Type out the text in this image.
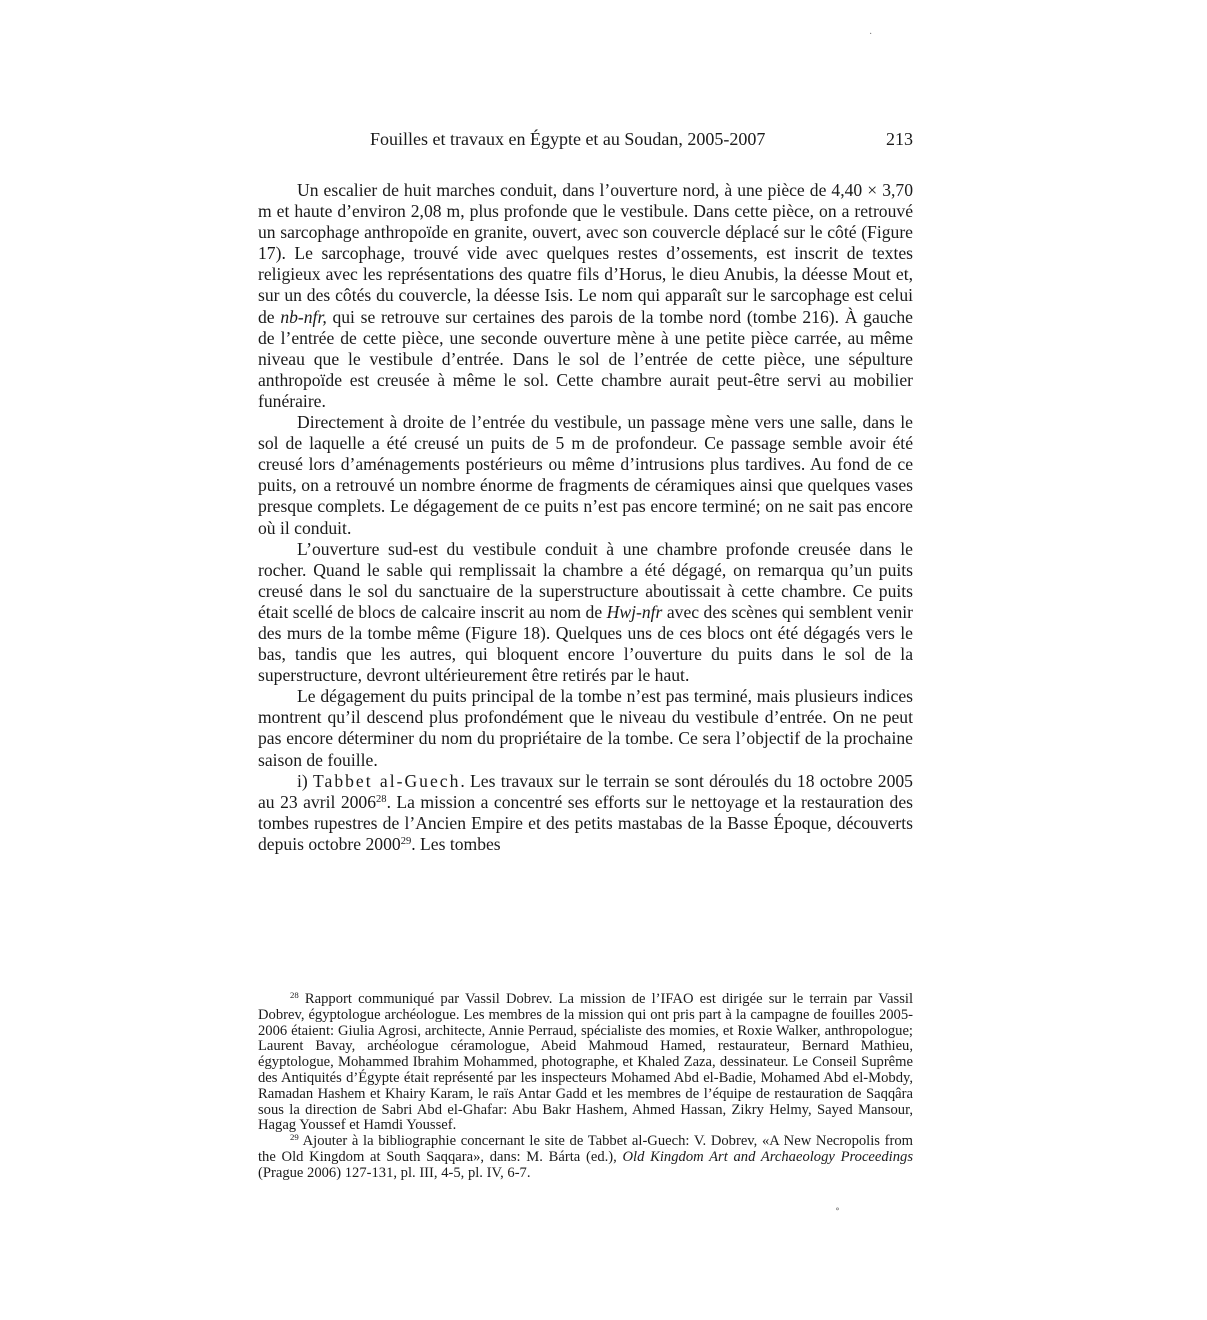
Fouilles et travaux en Égypte et au Soudan, 2005-2007	213

Un escalier de huit marches conduit, dans l’ouverture nord, à une pièce de 4,40 × 3,70 m et haute d’environ 2,08 m, plus profonde que le vestibule. Dans cette pièce, on a retrouvé un sarcophage anthropoïde en granite, ouvert, avec son couvercle déplacé sur le côté (Figure 17). Le sarcophage, trouvé vide avec quelques restes d’ossements, est inscrit de textes religieux avec les représentations des quatre fils d’Horus, le dieu Anubis, la déesse Mout et, sur un des côtés du couvercle, la déesse Isis. Le nom qui apparaît sur le sarcophage est celui de nb-nfr, qui se retrouve sur certaines des parois de la tombe nord (tombe 216). À gauche de l’entrée de cette pièce, une seconde ouverture mène à une petite pièce carrée, au même niveau que le vestibule d’entrée. Dans le sol de l’entrée de cette pièce, une sépulture anthropoïde est creusée à même le sol. Cette chambre aurait peut-être servi au mobilier funéraire.

Directement à droite de l’entrée du vestibule, un passage mène vers une salle, dans le sol de laquelle a été creusé un puits de 5 m de profondeur. Ce passage semble avoir été creusé lors d’aménagements postérieurs ou même d’intrusions plus tardives. Au fond de ce puits, on a retrouvé un nombre énorme de fragments de céramiques ainsi que quelques vases presque complets. Le dégagement de ce puits n’est pas encore terminé; on ne sait pas encore où il conduit.

L’ouverture sud-est du vestibule conduit à une chambre profonde creusée dans le rocher. Quand le sable qui remplissait la chambre a été dégagé, on remarqua qu’un puits creusé dans le sol du sanctuaire de la superstructure aboutissait à cette chambre. Ce puits était scellé de blocs de calcaire inscrit au nom de Hwj-nfr avec des scènes qui semblent venir des murs de la tombe même (Figure 18). Quelques uns de ces blocs ont été dégagés vers le bas, tandis que les autres, qui bloquent encore l’ouverture du puits dans le sol de la superstructure, devront ultérieurement être retirés par le haut.

Le dégagement du puits principal de la tombe n’est pas terminé, mais plusieurs indices montrent qu’il descend plus profondément que le niveau du vestibule d’entrée. On ne peut pas encore déterminer du nom du propriétaire de la tombe. Ce sera l’objectif de la prochaine saison de fouille.

i) Tabbet al-Guech. Les travaux sur le terrain se sont déroulés du 18 octobre 2005 au 23 avril 2006$^{28}$. La mission a concentré ses efforts sur le nettoyage et la restauration des tombes rupestres de l’Ancien Empire et des petits mastabas de la Basse Époque, découverts depuis octobre 2000$^{29}$. Les tombes

$^{28}$ Rapport communiqué par Vassil Dobrev. La mission de l’IFAO est dirigée sur le terrain par Vassil Dobrev, égyptologue archéologue. Les membres de la mission qui ont pris part à la campagne de fouilles 2005-2006 étaient: Giulia Agrosi, architecte, Annie Perraud, spécialiste des momies, et Roxie Walker, anthropologue; Laurent Bavay, archéologue céramologue, Abeid Mahmoud Hamed, restaurateur, Bernard Mathieu, égyptologue, Mohammed Ibrahim Mohammed, photographe, et Khaled Zaza, dessinateur. Le Conseil Suprême des Antiquités d’Égypte était représenté par les inspecteurs Mohamed Abd el-Badie, Mohamed Abd el-Mobdy, Ramadan Hashem et Khairy Karam, le raïs Antar Gadd et les membres de l’équipe de restauration de Saqqâra sous la direction de Sabri Abd el-Ghafar: Abu Bakr Hashem, Ahmed Hassan, Zikry Helmy, Sayed Mansour, Hagag Youssef et Hamdi Youssef.

$^{29}$ Ajouter à la bibliographie concernant le site de Tabbet al-Guech: V. Dobrev, «A New Necropolis from the Old Kingdom at South Saqqara», dans: M. Bárta (ed.), Old Kingdom Art and Archaeology Proceedings (Prague 2006) 127-131, pl. III, 4-5, pl. IV, 6-7.

·
∘
